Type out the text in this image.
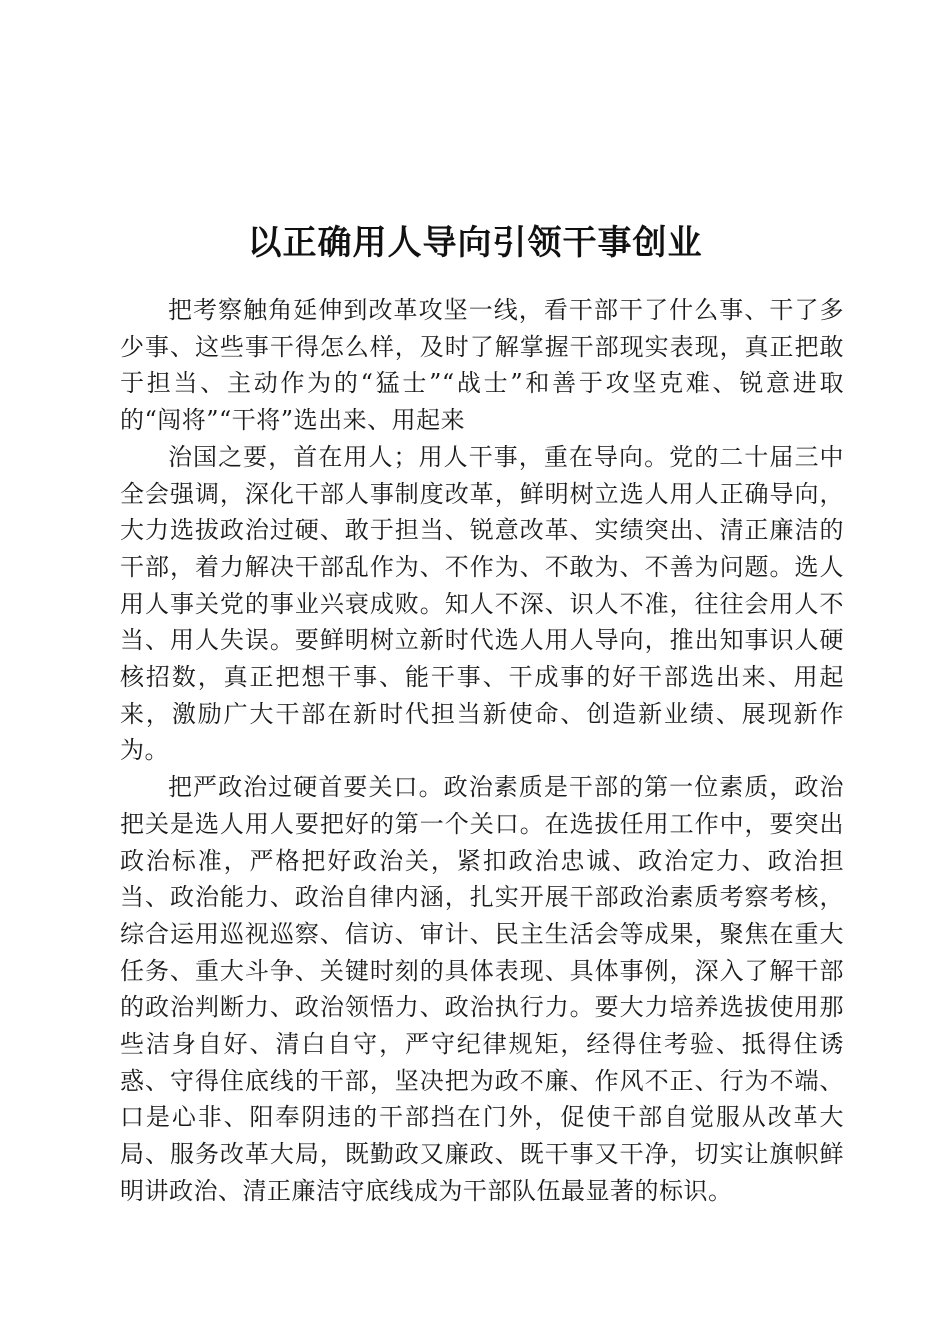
以正确用人导向引领干事创业

把考察触角延伸到改革攻坚一线，看干部干了什么事、干了多少事、这些事干得怎么样，及时了解掌握干部现实表现，真正把敢于担当、主动作为的“猛士”“战士”和善于攻坚克难、锐意进取的“闯将”“干将”选出来、用起来

治国之要，首在用人；用人干事，重在导向。党的二十届三中全会强调，深化干部人事制度改革，鲜明树立选人用人正确导向，大力选拔政治过硬、敢于担当、锐意改革、实绩突出、清正廉洁的干部，着力解决干部乱作为、不作为、不敢为、不善为问题。选人用人事关党的事业兴衰成败。知人不深、识人不准，往往会用人不当、用人失误。要鲜明树立新时代选人用人导向，推出知事识人硬核招数，真正把想干事、能干事、干成事的好干部选出来、用起来，激励广大干部在新时代担当新使命、创造新业绩、展现新作为。

把严政治过硬首要关口。政治素质是干部的第一位素质，政治把关是选人用人要把好的第一个关口。在选拔任用工作中，要突出政治标准，严格把好政治关，紧扣政治忠诚、政治定力、政治担当、政治能力、政治自律内涵，扎实开展干部政治素质考察考核，综合运用巡视巡察、信访、审计、民主生活会等成果，聚焦在重大任务、重大斗争、关键时刻的具体表现、具体事例，深入了解干部的政治判断力、政治领悟力、政治执行力。要大力培养选拔使用那些洁身自好、清白自守，严守纪律规矩，经得住考验、抵得住诱惑、守得住底线的干部，坚决把为政不廉、作风不正、行为不端、口是心非、阳奉阴违的干部挡在门外，促使干部自觉服从改革大局、服务改革大局，既勤政又廉政、既干事又干净，切实让旗帜鲜明讲政治、清正廉洁守底线成为干部队伍最显著的标识。
